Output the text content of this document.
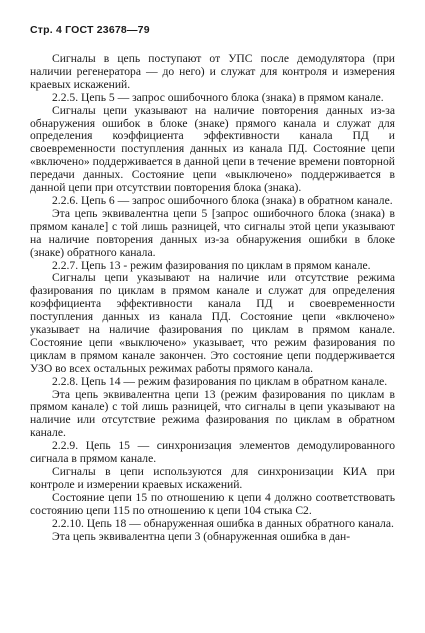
Стр. 4 ГОСТ 23678—79

Сигналы в цепь поступают от УПС после демодулятора (при наличии регенератора — до него) и служат для контроля и измерения краевых искажений.

2.2.5. Цепь 5 — запрос ошибочного блока (знака) в прямом канале.

Сигналы цепи указывают на наличие повторения данных из-за обнаружения ошибок в блоке (знаке) прямого канала и служат для определения коэффициента эффективности канала ПД и своевременности поступления данных из канала ПД. Состояние цепи «включено» поддерживается в данной цепи в течение времени повторной передачи данных. Состояние цепи «выключено» поддерживается в данной цепи при отсутствии повторения блока (знака).

2.2.6. Цепь 6 — запрос ошибочного блока (знака) в обратном канале.

Эта цепь эквивалентна цепи 5 [запрос ошибочного блока (знака) в прямом канале] с той лишь разницей, что сигналы этой цепи указывают на наличие повторения данных из-за обнаружения ошибки в блоке (знаке) обратного канала.

2.2.7. Цепь 13 - режим фазирования по циклам в прямом канале.

Сигналы цепи указывают на наличие или отсутствие режима фазирования по циклам в прямом канале и служат для определения коэффициента эффективности канала ПД и своевременности поступления данных из канала ПД. Состояние цепи «включено» указывает на наличие фазирования по циклам в прямом канале. Состояние цепи «выключено» указывает, что режим фазирования по циклам в прямом канале закончен. Это состояние цепи поддерживается УЗО во всех остальных режимах работы прямого канала.

2.2.8. Цепь 14 — режим фазирования по циклам в обратном канале.

Эта цепь эквивалентна цепи 13 (режим фазирования по циклам в прямом канале) с той лишь разницей, что сигналы в цепи указывают на наличие или отсутствие режима фазирования по циклам в обратном канале.

2.2.9. Цепь 15 — синхронизация элементов демодулированного сигнала в прямом канале.

Сигналы в цепи используются для синхронизации КИА при контроле и измерении краевых искажений.

Состояние цепи 15 по отношению к цепи 4 должно соответствовать состоянию цепи 115 по отношению к цепи 104 стыка С2.

2.2.10. Цепь 18 — обнаруженная ошибка в данных обратного канала.

Эта цепь эквивалентна цепи 3 (обнаруженная ошибка в дан-
